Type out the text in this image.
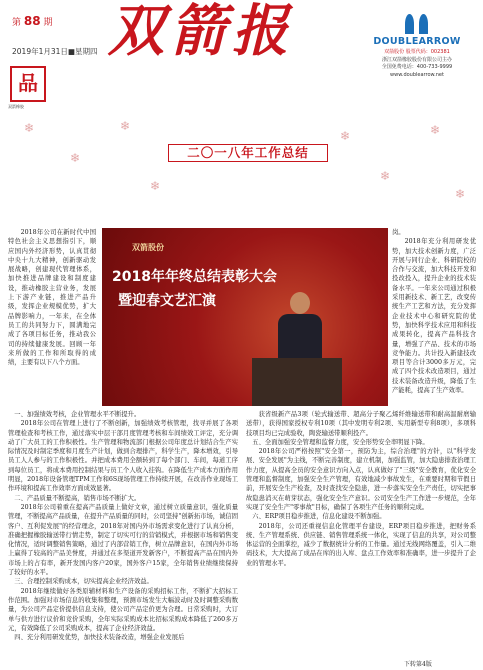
第 88 期
2019年1月31日■星期四 双箭报	DOUBLEARROW
双箭股份 股票代码：002381
浙江双箭橡胶股份有限公司主办
全国免费电话：400-733-9999
www.doublearrow.net
品
双箭橡胶
❄
❄
❄
❄
❄
❄
❄
❄
二〇一八年工作总结

2018年公司在新时代中国特色社会主义思想指引下，顺应国内外经济形势，认真贯彻中央十九大精神，创新驱动发展战略，创建现代管理体系，加快推进品牌建设和制度建设，推动橡胶主营业务，发展上下游产业链，推进产品升级，发挥企业规模优势，扩大品牌影响力，一年来，在全体员工的共同努力下，圆满地完成了各项目标任务，推动我公司的持续健康发展。回顾一年来所做的工作和所取得的成绩，主要有以下八个方面。

双箭股份
2018年年终总结表彰大会
暨迎春文艺汇演

岗。

2018年充分利用研发优势，加大技术创新力度，广泛开展与同行企业、科研院校的合作与交流，加大科技开发和投改投入，提升企业的技术装备水平。一年来公司通过积极采用新技术、新工艺，改变传统生产工艺和方法，充分发挥企业技术中心和研究院的优势，加快科学技术应用和科技成果转化，提高产品科技含量，增强了产品、技术的市场竞争能力。共计投入新建技改项目等合计3000多万元，完成了四个技术改造项目，通过技术装备改造升级，降低了生产能耗，提高了生产效率。

一、加强绩效考核，企业管理水平不断提升。

2018年公司在管理上进行了不断创新，加强绩效考核管理，找寻并展了各项管理检查和考核工作，通过落实中层干部月度管理考核和车间绩效工评定，充分调动了广大员工的工作积极性。生产管理和物流部门根据公司年度总计划结合生产实际情况及时制定季度和月度生产计划，做到合理排产，科学生产，降本增效，引导员工人人参与的工作积极性。并把成本费用全额转到了每个部门、车间，每道工序到每位员工，将成本费用控制结果与员工个人收入挂钩。在降低生产成本方面作用明显，2018年设备管理TPM工作和6S现场管理工作持续开展，在改善作业现场工作环境和提高工作效率方面成效显著。

二、产品质量不断提高，销售市场不断扩大。

2018年公司着重在提高产品质量上做好文章，通过树立质量意识，强化质量管理，不断提高产品质量，在提升产品质量的同时，公司坚持"创新拓市场，诚信固客户、互利促发展"的经营理念，2018年对国内外市场需求变化进行了认真分析，准确把握橡胶输送带行情走势，制定了切实可行的营销模式，并根据市场和销售变化情况，适时调整销售策略，通过了内部营销工作，树立品牌意识，在国内外市场上赢得了较高的产品美誉度，并通过在多渠道开发新客户，不断提高产品在国内外市场上的占有率，新开发国内客户20家，国外客户15家，全年销售业绩继续保持了较好的水平。

三、合理控制采购成本，切实提高企业经济效益。

2018年继续做好各类原辅材料和生产设备的采购招标工作，不断扩大招标工作范围。加强对市场信息的收集和整理，预测市场发生大幅波动时及时调整采购数量，为公司产品定价提供信息支持，使公司产品定价更为合理。日常采购时，大订单与供方进行议价和竞价采购，全年实际采购成本比招标采购成本降低了260多万元，有效降低了公司采购成本，提高了企业经济效益。

四、充分利用研发优势，加快技术装备改造，增强企业发展后

获省级新产品3项（轮式输送带、超高分子聚乙烯纤维输送带和耐高温耐磨输送带），获得国家授权专利10项（其中发明专利2项、实用新型专利8项），多项科技项目均已完成验收，陶瓷输送带顺利投产。

五、全面加强安全管理和监督力度，安全形势安全率明显下降。

2018年公司严格按照"安全第一，预防为主，综合治理"的方针，以"科学发展、安全发展"为主线，不断完善制度，建立机制，加强监管，加大隐患排查治理工作力度，从提高全员的安全意识方向入点，认真做好了"三级"安全教育，优化安全管理和监督制度，加强安全生产管理，有效地减少事故发生，在重要时期和节假日前，开展安全生产检查，及时查找安全隐患，进一步落实安全生产责任，切实把事故隐患消灭在萌芽状态，强化安全生产意识。公司安全生产工作进一步规范，全年实现了安全生产"零事故"目标，确保了各项生产任务的顺利完成。

六、ERP项目稳步推进，信息化建设不断加强。

2018年，公司还重视信息化管理平台建设，ERP项目稳步推进，把财务系统、生产管理系统、供应链、销售管理系统一体化，实现了信息的共享，对公司整体运营的全面掌控，减少了数据统计分析的工作量。通过无线网络覆盖，引入二维码技术，大大提高了成品在库的出入库、盘点工作效率和准确率，进一步提升了企业的管理水平。

下转第4版
